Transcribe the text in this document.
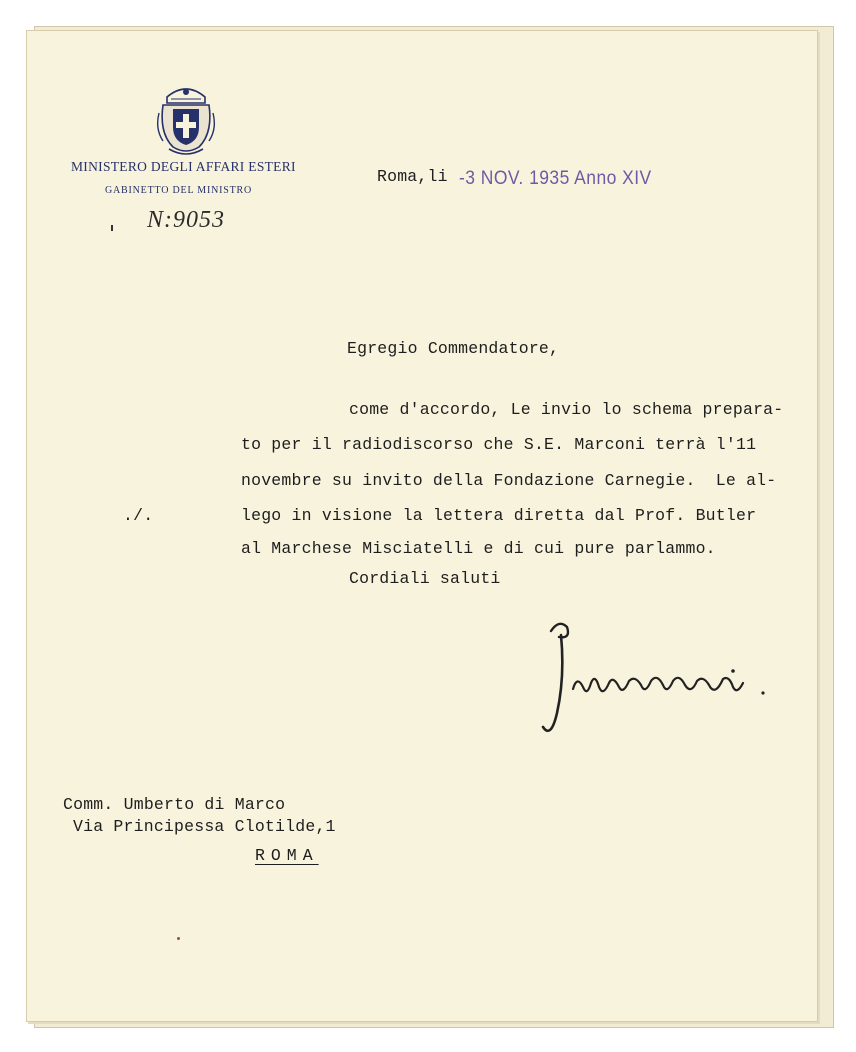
MINISTERO DEGLI AFFARI ESTERI
GABINETTO DEL MINISTRO
N:9053
Roma,li -3 NOV. 1935 Anno XIV
Egregio Commendatore,
come d'accordo, Le invio lo schema prepara-
to per il radiodiscorso che S.E. Marconi terrà l'11
novembre su invito della Fondazione Carnegie.  Le al-
./.	lego in visione la lettera diretta dal Prof. Butler
al Marchese Misciatelli e di cui pure parlammo.
Cordiali saluti
Comm. Umberto di Marco
Via Principessa Clotilde,1
ROMA
